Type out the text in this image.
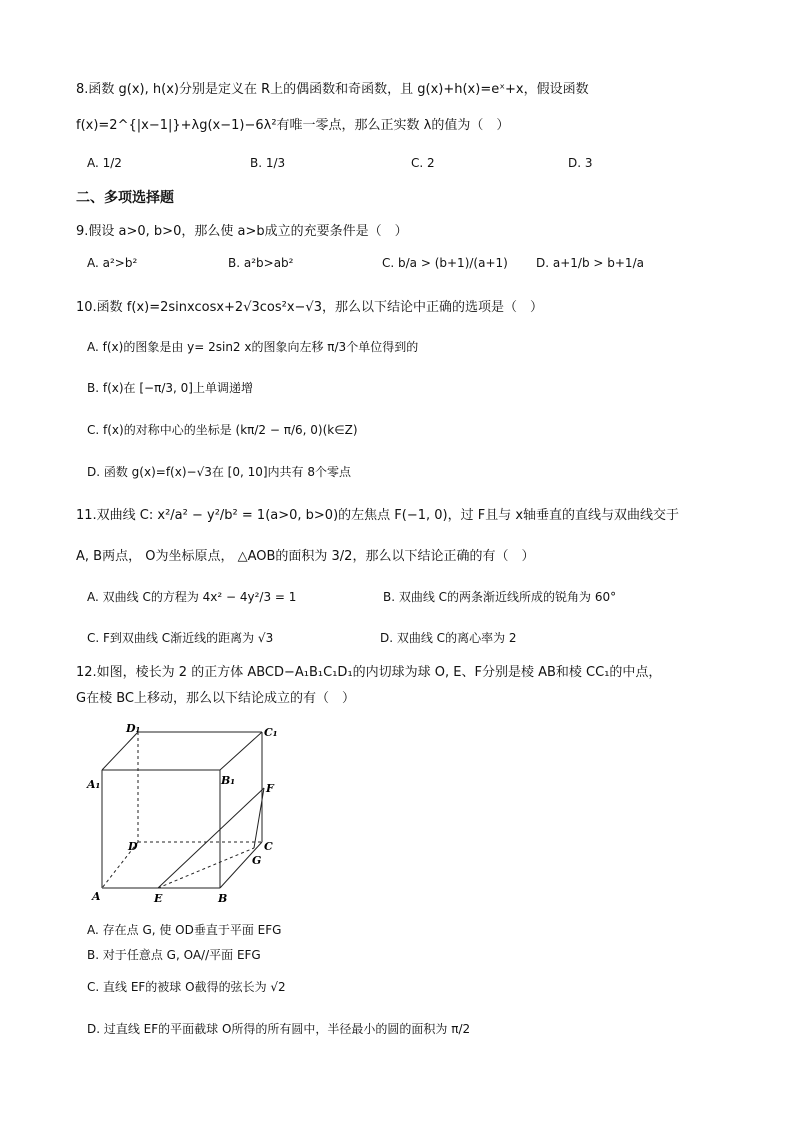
8.函数 g(x), h(x)分别是定义在 R上的偶函数和奇函数，且 g(x)+h(x)=eˣ+x，假设函数
f(x)=2^{|x−1|}+λg(x−1)−6λ²有唯一零点，那么正实数 λ的值为（　）
A. 1/2	B. 1/3	C. 2	D. 3
二、多项选择题
9.假设 a>0, b>0，那么使 a>b成立的充要条件是（　）
A. a²>b²	B. a²b>ab²	C. b/a > (b+1)/(a+1) D. a+1/b > b+1/a
10.函数 f(x)=2sinxcosx+2√3cos²x−√3，那么以下结论中正确的选项是（　）
A. f(x)的图象是由 y= 2sin2 x的图象向左移 π/3个单位得到的
B. f(x)在 [−π/3, 0]上单调递增
C. f(x)的对称中心的坐标是 (kπ/2 − π/6, 0)(k∈Z)
D. 函数 g(x)=f(x)−√3在 [0, 10]内共有 8个零点
11.双曲线 C: x²/a² − y²/b² = 1(a>0, b>0)的左焦点 F(−1, 0)，过 F且与 x轴垂直的直线与双曲线交于
A, B两点， O为坐标原点， △AOB的面积为 3/2，那么以下结论正确的有（　）
A. 双曲线 C的方程为 4x² − 4y²/3 = 1	B. 双曲线 C的两条渐近线所成的锐角为 60°
C. F到双曲线 C渐近线的距离为 √3	D. 双曲线 C的离心率为 2
12.如图，棱长为 2 的正方体 ABCD−A₁B₁C₁D₁的内切球为球 O, E、F分别是棱 AB和棱 CC₁的中点，
G在棱 BC上移动，那么以下结论成立的有（　）
D₁	C₁
A₁	B₁
F
D	C
G
A	E	B
A. 存在点 G, 使 OD垂直于平面 EFG
B. 对于任意点 G, OA//平面 EFG
C. 直线 EF的被球 O截得的弦长为 √2
D. 过直线 EF的平面截球 O所得的所有圆中，半径最小的圆的面积为 π/2
